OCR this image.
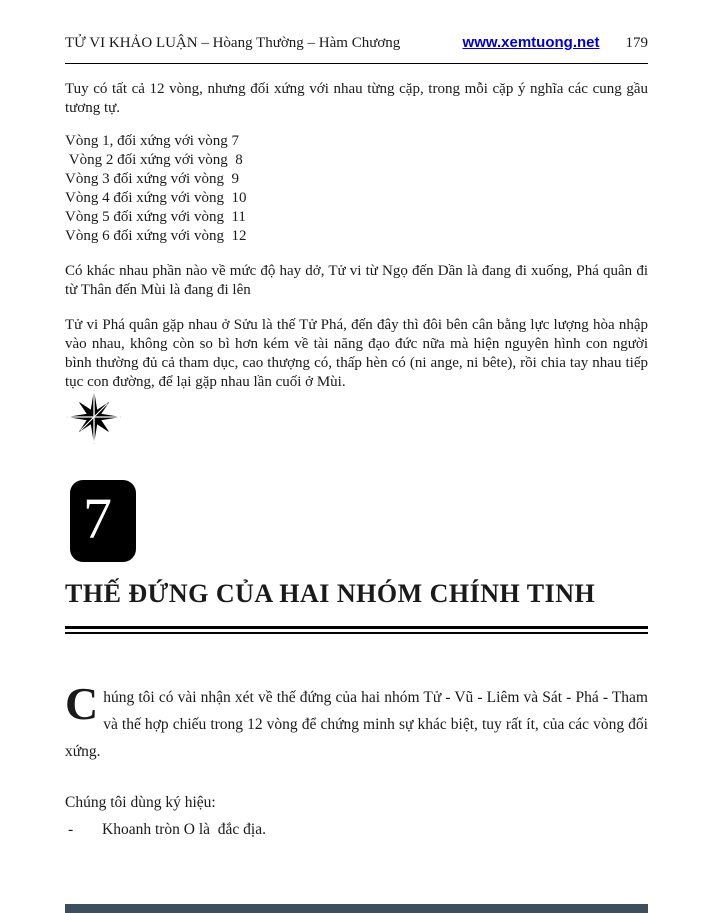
TỬ VI KHẢO LUẬN – Hòang Thường – Hàm Chương	www.xemtuong.net 179

Tuy có tất cả 12 vòng, nhưng đối xứng với nhau từng cặp, trong mỗi cặp ý nghĩa các cung gầu tương tự.

Vòng 1, đối xứng với vòng 7
Vòng 2 đối xứng với vòng  8
Vòng 3 đối xứng với vòng  9
Vòng 4 đối xứng với vòng  10
Vòng 5 đối xứng với vòng  11
Vòng 6 đối xứng với vòng  12

Có khác nhau phần nào về mức độ hay dở, Tử vi từ Ngọ đến Dần là đang đi xuống, Phá quân đi từ Thân đến Mùi là đang đi lên

Tử vi Phá quân gặp nhau ở Sửu là thế Tử Phá, đến đây thì đôi bên cân bằng lực lượng hòa nhập vào nhau, không còn so bì hơn kém về tài năng đạo đức nữa mà hiện nguyên hình con người bình thường đủ cả tham dục, cao thượng có, thấp hèn có (ni ange, ni bête), rồi chia tay nhau tiếp tục con đường, để lại gặp nhau lần cuối ở Mùi.

7
THẾ ĐỨNG CỦA HAI NHÓM CHÍNH TINH

C húng tôi có vài nhận xét về thế đứng của hai nhóm Tử - Vũ - Liêm và Sát - Phá - Tham và thế hợp chiếu trong 12 vòng để chứng minh sự khác biệt, tuy rất ít, của các vòng đối xứng.

Chúng tôi dùng ký hiệu:

-	Khoanh tròn O là  đắc địa.
